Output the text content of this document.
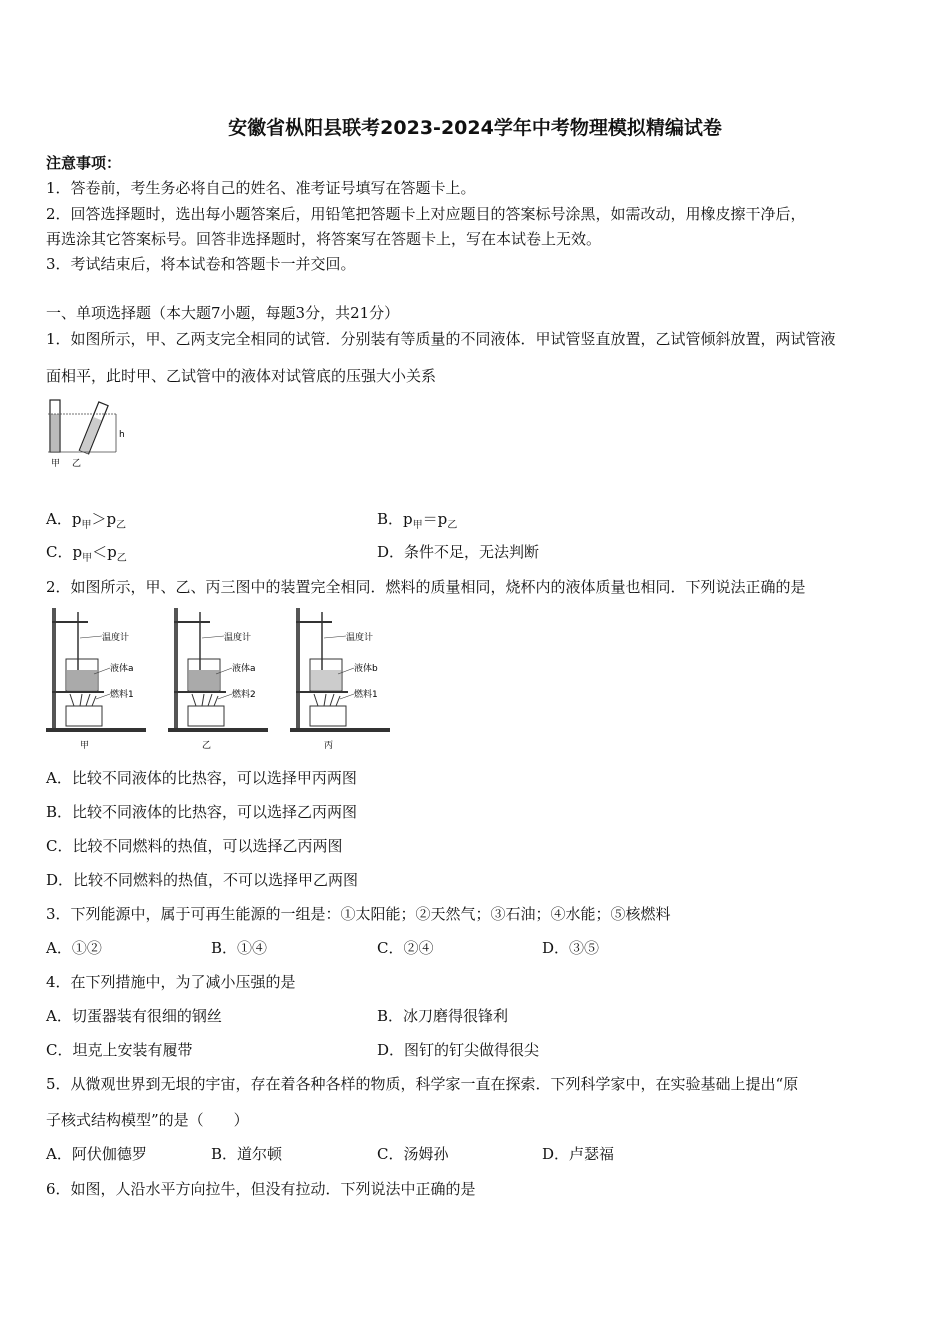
安徽省枞阳县联考2023-2024学年中考物理模拟精编试卷
注意事项：
1．答卷前，考生务必将自己的姓名、准考证号填写在答题卡上。
2．回答选择题时，选出每小题答案后，用铅笔把答题卡上对应题目的答案标号涂黑，如需改动，用橡皮擦干净后，
再选涂其它答案标号。回答非选择题时，将答案写在答题卡上，写在本试卷上无效。
3．考试结束后，将本试卷和答题卡一并交回。
一、单项选择题（本大题7小题，每题3分，共21分）
1．如图所示，甲、乙两支完全相同的试管．分别装有等质量的不同液体．甲试管竖直放置，乙试管倾斜放置，两试管液
面相平，此时甲、乙试管中的液体对试管底的压强大小关系
h
甲 乙
A．$p_甲>p_乙$	B．$p_甲=p_乙$
C．$p_甲<p_乙$	D．条件不足，无法判断
2．如图所示，甲、乙、丙三图中的装置完全相同．燃料的质量相同，烧杯内的液体质量也相同．下列说法正确的是
温度计
液体a
燃料1
甲
温度计
液体a
燃料2
乙
温度计
液体b
燃料1
丙
A．比较不同液体的比热容，可以选择甲丙两图
B．比较不同液体的比热容，可以选择乙丙两图
C．比较不同燃料的热值，可以选择乙丙两图
D．比较不同燃料的热值，不可以选择甲乙两图
3．下列能源中，属于可再生能源的一组是：①太阳能；②天然气；③石油；④水能；⑤核燃料
A．①②	B．①④	C．②④	D．③⑤
4．在下列措施中，为了减小压强的是
A．切蛋器装有很细的钢丝	B．冰刀磨得很锋利
C．坦克上安装有履带	D．图钉的钉尖做得很尖
5．从微观世界到无垠的宇宙，存在着各种各样的物质，科学家一直在探索．下列科学家中，在实验基础上提出“原
子核式结构模型”的是（　　）
A．阿伏伽德罗	B．道尔顿	C．汤姆孙	D．卢瑟福
6．如图，人沿水平方向拉牛，但没有拉动．下列说法中正确的是
